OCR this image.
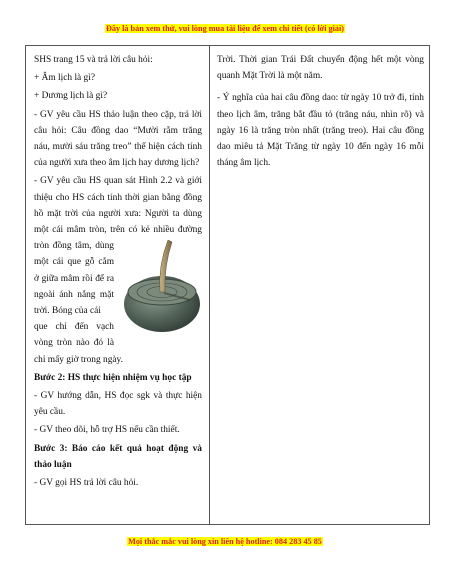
Đây là bản xem thử, vui lòng mua tài liệu để xem chi tiết (có lời giải)

SHS trang 15 và trả lời câu hỏi:

+ Âm lịch là gì?

+ Dương lịch là gì?

- GV yêu cầu HS thảo luận theo cặp, trả lời câu hỏi: Câu đồng dao “Mười rằm trăng náu, mười sáu trăng treo” thể hiện cách tính của người xưa theo âm lịch hay dương lịch?

- GV yêu cầu HS quan sát Hình 2.2 và giới thiệu cho HS cách tính thời gian bằng đồng hồ mặt trời của người xưa: Người ta dùng một cái mâm tròn, trên có
kẻ nhiều đường tròn đồng tâm, dùng một cái que gỗ cắm ở giữa mâm rồi để ra ngoài ánh nắng mặt trời. Bóng của cái

que chỉ đến vạch vòng tròn nào đó là chỉ mấy giờ trong ngày.

Bước 2: HS thực hiện nhiệm vụ học tập

- GV hướng dẫn, HS đọc sgk và thực hiện yêu cầu.

- GV theo dõi, hỗ trợ HS nếu cần thiết.

Bước 3: Báo cáo kết quả hoạt động và thảo luận

- GV gọi HS trả lời câu hỏi.

Trời. Thời gian Trái Đất chuyển động hết một vòng quanh Mặt Trời là một năm.

- Ý nghĩa của hai câu đồng dao: từ ngày 10 trở đi, tính theo lịch âm, trăng bắt đầu tỏ (trăng náu, nhìn rõ) và ngày 16 là trăng tròn nhất (trăng treo). Hai câu đồng dao miêu tả Mặt Trăng từ ngày 10 đến ngày 16 mỗi tháng âm lịch.

Mọi thắc mắc vui lòng xin liên hệ hotline: 084 283 45 85
